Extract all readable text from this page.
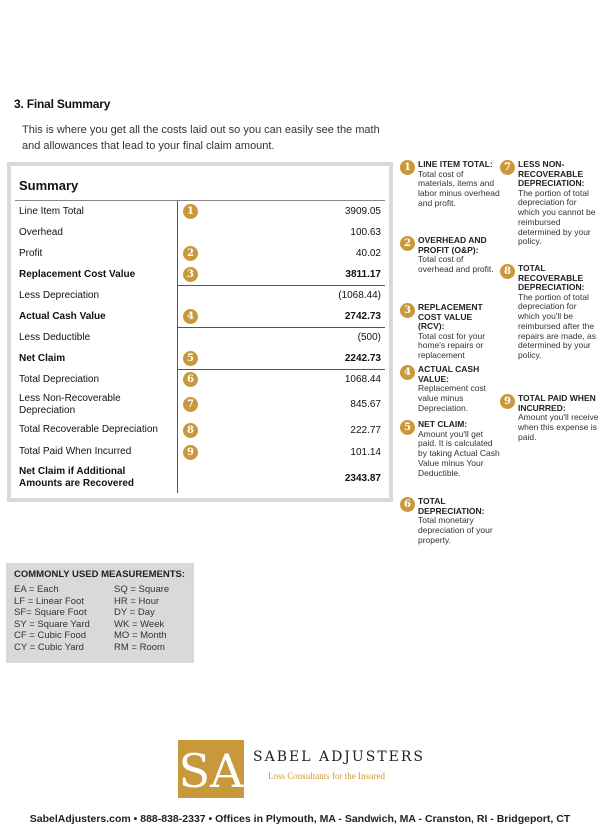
3. Final Summary
This is where you get all the costs laid out so you can easily see the math and allowances that lead to your final claim amount.
Summary
Line Item Total	1	3909.05
Overhead	100.63
Profit	2	40.02
Replacement Cost Value	3	3811.17
Less Depreciation	(1068.44)
Actual Cash Value	4	2742.73
Less Deductible	(500)
Net Claim	5	2242.73
Total Depreciation	6	1068.44
Less Non-Recoverable Depreciation	7	845.67
Total Recoverable Depreciation	8	222.77
Total Paid When Incurred	9	101.14
Net Claim if Additional Amounts are Recovered	2343.87
1 LINE ITEM TOTAL:
Total cost of materials, items and labor minus overhead and profit.
2 OVERHEAD AND PROFIT (O&P):
Total cost of overhead and profit.
3 REPLACEMENT COST VALUE (RCV):
Total cost for your home's repairs or replacement
4 ACTUAL CASH VALUE:
Replacement cost value minus Depreciation.
5 NET CLAIM:
Amount you'll get paid. It is calculated by taking Actual Cash Value minus Your Deductible.
6 TOTAL DEPRECIATION:
Total monetary depreciation of your property.
7 LESS NON-RECOVERABLE DEPRECIATION:
The portion of total depreciation for which you cannot be reimbursed determined by your policy.
8 TOTAL RECOVERABLE DEPRECIATION:
The portion of total depreciation for which you'll be reimbursed after the repairs are made, as determined by your policy.
9 TOTAL PAID WHEN INCURRED:
Amount you'll receive when this expense is paid.
COMMONLY USED MEASUREMENTS:
EA = Each
LF = Linear Foot
SF= Square Foot
SY = Square Yard
CF = Cubic Food
CY = Cubic Yard
SQ = Square
HR = Hour
DY = Day
WK = Week
MO = Month
RM = Room
SA SABEL ADJUSTERS
Loss Consultants for the Insured
SabelAdjusters.com • 888-838-2337 • Offices in Plymouth, MA - Sandwich, MA - Cranston, RI - Bridgeport, CT
